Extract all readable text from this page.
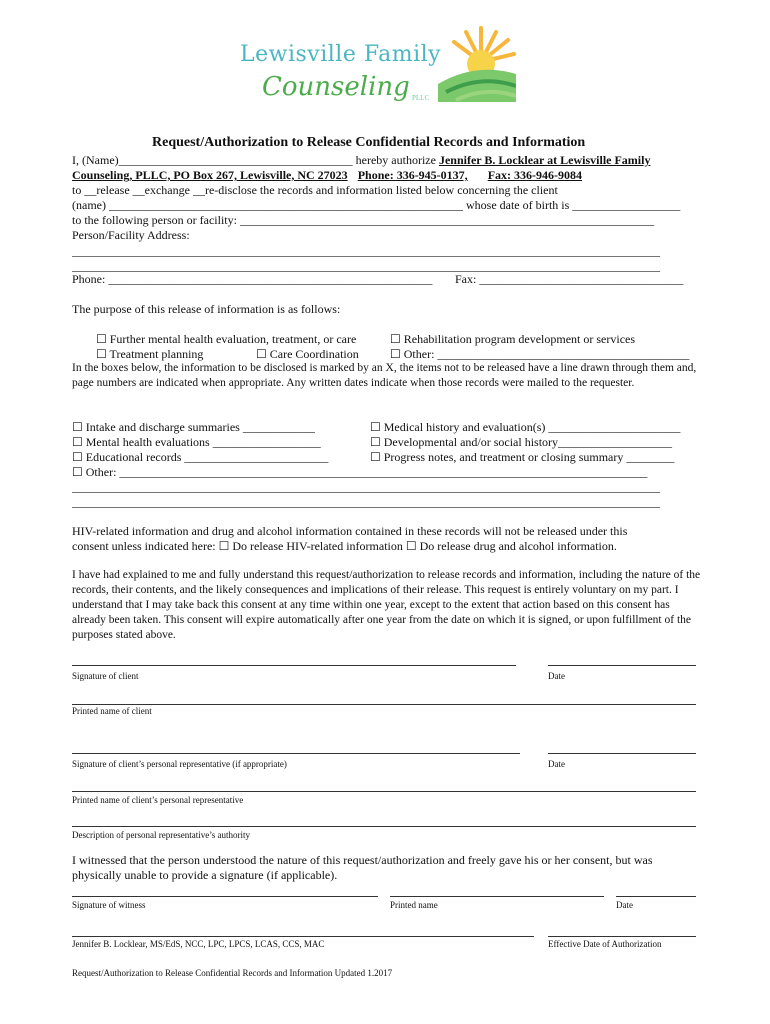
Lewisville Family
Counseling PLLC
Request/Authorization to Release Confidential Records and Information
I, (Name)_______________________________________ hereby authorize Jennifer B. Locklear at Lewisville Family
Counseling, PLLC, PO Box 267, Lewisville, NC 27023 Phone: 336-945-0137, Fax: 336-946-9084
to __release __exchange __re-disclose the records and information listed below concerning the client
(name) ___________________________________________________________ whose date of birth is __________________
to the following person or facility: _____________________________________________________________________
Person/Facility Address:
__________________________________________________________________________________________________
__________________________________________________________________________________________________
Phone: ______________________________________________________ Fax: __________________________________
The purpose of this release of information is as follows:
☐ Further mental health evaluation, treatment, or care	☐ Rehabilitation program development or services
☐ Treatment planning	☐ Care Coordination	☐ Other: __________________________________________
In the boxes below, the information to be disclosed is marked by an X, the items not to be released have a line drawn through them and, page numbers are indicated when appropriate. Any written dates indicate when those records were mailed to the requester.
☐ Intake and discharge summaries ____________	☐ Medical history and evaluation(s) ______________________
☐ Mental health evaluations __________________	☐ Developmental and/or social history___________________
☐ Educational records ________________________	☐ Progress notes, and treatment or closing summary ________
☐ Other: ________________________________________________________________________________________
__________________________________________________________________________________________________
__________________________________________________________________________________________________
HIV-related information and drug and alcohol information contained in these records will not be released under this
consent unless indicated here: ☐ Do release HIV-related information ☐ Do release drug and alcohol information.
I have had explained to me and fully understand this request/authorization to release records and information, including the nature of the records, their contents, and the likely consequences and implications of their release. This request is entirely voluntary on my part. I understand that I may take back this consent at any time within one year, except to the extent that action based on this consent has already been taken. This consent will expire automatically after one year from the date on which it is signed, or upon fulfillment of the purposes stated above.
Signature of client	Date
Printed name of client
Signature of client’s personal representative (if appropriate)	Date
Printed name of client’s personal representative
Description of personal representative’s authority
I witnessed that the person understood the nature of this request/authorization and freely gave his or her consent, but was physically unable to provide a signature (if applicable).
Signature of witness	Printed name	Date
Jennifer B. Locklear, MS/EdS, NCC, LPC, LPCS, LCAS, CCS, MAC	Effective Date of Authorization
Request/Authorization to Release Confidential Records and Information Updated 1.2017
